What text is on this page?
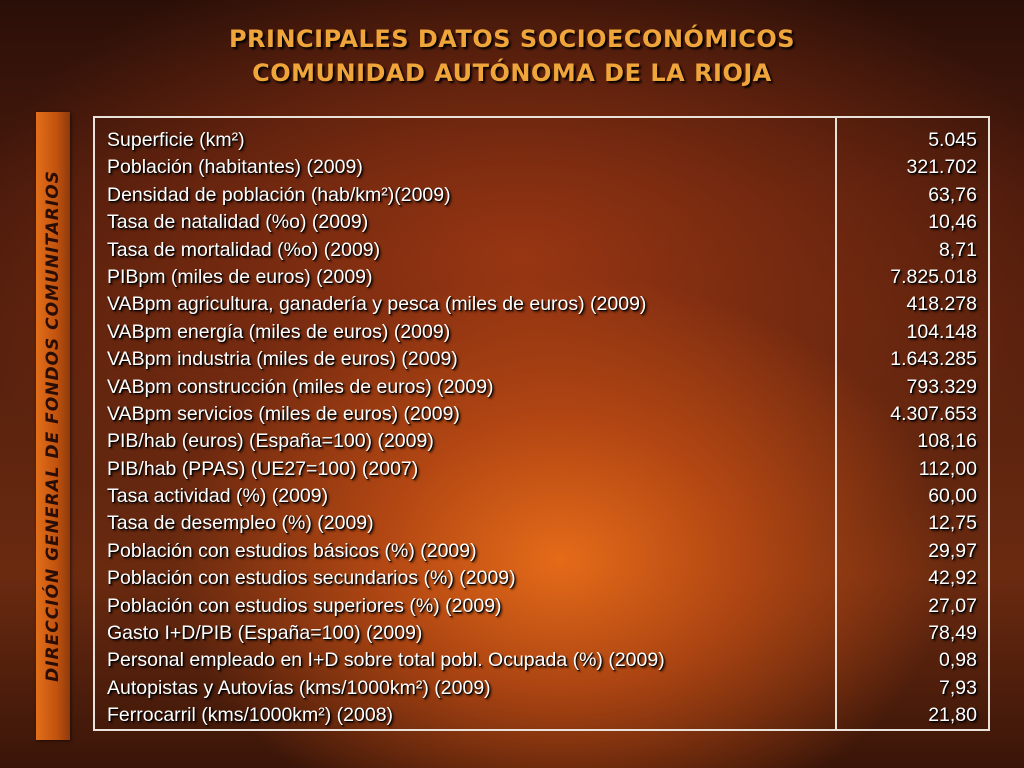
PRINCIPALES DATOS SOCIOECONÓMICOS
COMUNIDAD AUTÓNOMA DE LA RIOJA
DIRECCIÓN GENERAL DE FONDOS COMUNITARIOS
Superficie (km²)
Población (habitantes) (2009)
Densidad de población (hab/km²)(2009)
Tasa de natalidad (%o) (2009)
Tasa de mortalidad (%o) (2009)
PIBpm (miles de euros) (2009)
VABpm agricultura, ganadería y pesca (miles de euros) (2009)
VABpm energía (miles de euros) (2009)
VABpm industria (miles de euros) (2009)
VABpm construcción (miles de euros) (2009)
VABpm servicios (miles de euros) (2009)
PIB/hab (euros) (España=100) (2009)
PIB/hab (PPAS) (UE27=100) (2007)
Tasa actividad (%) (2009)
Tasa de desempleo (%) (2009)
Población con estudios básicos (%) (2009)
Población con estudios secundarios (%) (2009)
Población con estudios superiores (%) (2009)
Gasto I+D/PIB (España=100) (2009)
Personal empleado en I+D sobre total pobl. Ocupada (%) (2009)
Autopistas y Autovías (kms/1000km²) (2009)
Ferrocarril (kms/1000km²) (2008)
5.045
321.702
63,76
10,46
8,71
7.825.018
418.278
104.148
1.643.285
793.329
4.307.653
108,16
112,00
60,00
12,75
29,97
42,92
27,07
78,49
0,98
7,93
21,80
